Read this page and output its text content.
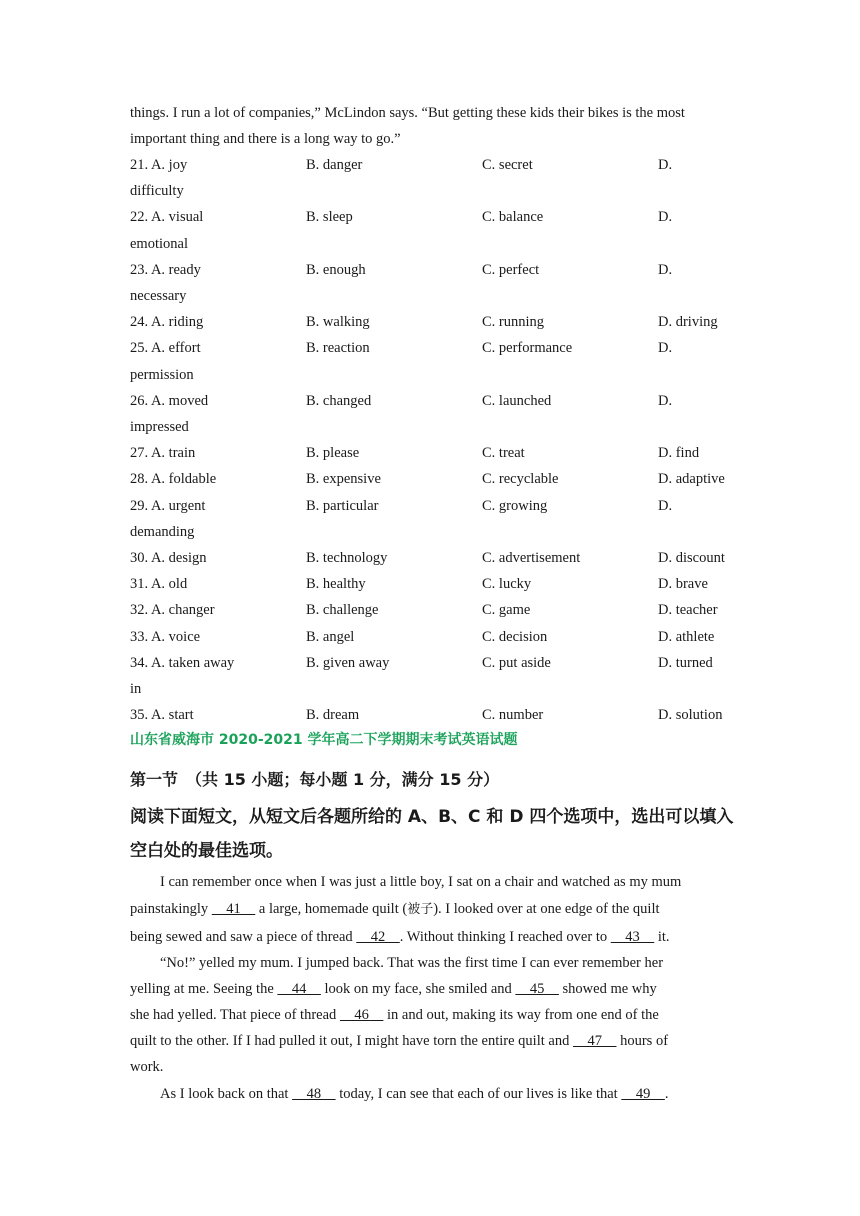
things. I run a lot of companies,” McLindon says. “But getting these kids their bikes is the most
important thing and there is a long way to go.”
21. A. joy	B. danger	C. secret	D.
difficulty
22. A. visual	B. sleep	C. balance	D.
emotional
23. A. ready	B. enough	C. perfect	D.
necessary
24. A. riding	B. walking	C. running	D. driving
25. A. effort	B. reaction	C. performance	D.
permission
26. A. moved	B. changed	C. launched	D.
impressed
27. A. train	B. please	C. treat	D. find
28. A. foldable	B. expensive	C. recyclable	D. adaptive
29. A. urgent	B. particular	C. growing	D.
demanding
30. A. design	B. technology	C. advertisement	D. discount
31. A. old	B. healthy	C. lucky	D. brave
32. A. changer	B. challenge	C. game	D. teacher
33. A. voice	B. angel	C. decision	D. athlete
34. A. taken away	B. given away	C. put aside	D. turned
in
35. A. start	B. dream	C. number	D. solution
山东省威海市 2020-2021 学年高二下学期期末考试英语试题
第一节　（共 15 小题；每小题 1 分，满分 15 分）
阅读下面短文，从短文后各题所给的 A、B、C 和 D 四个选项中，选出可以填入空白处的最佳选项。
I can remember once when I was just a little boy, I sat on a chair and watched as my mum
painstakingly     41     a large, homemade quilt (被子). I looked over at one edge of the quilt
being sewed and saw a piece of thread     42    . Without thinking I reached over to     43     it.
“No!” yelled my mum. I jumped back. That was the first time I can ever remember her
yelling at me. Seeing the     44     look on my face, she smiled and     45     showed me why
she had yelled. That piece of thread     46     in and out, making its way from one end of the
quilt to the other. If I had pulled it out, I might have torn the entire quilt and     47     hours of
work.
As I look back on that     48     today, I can see that each of our lives is like that     49    .
